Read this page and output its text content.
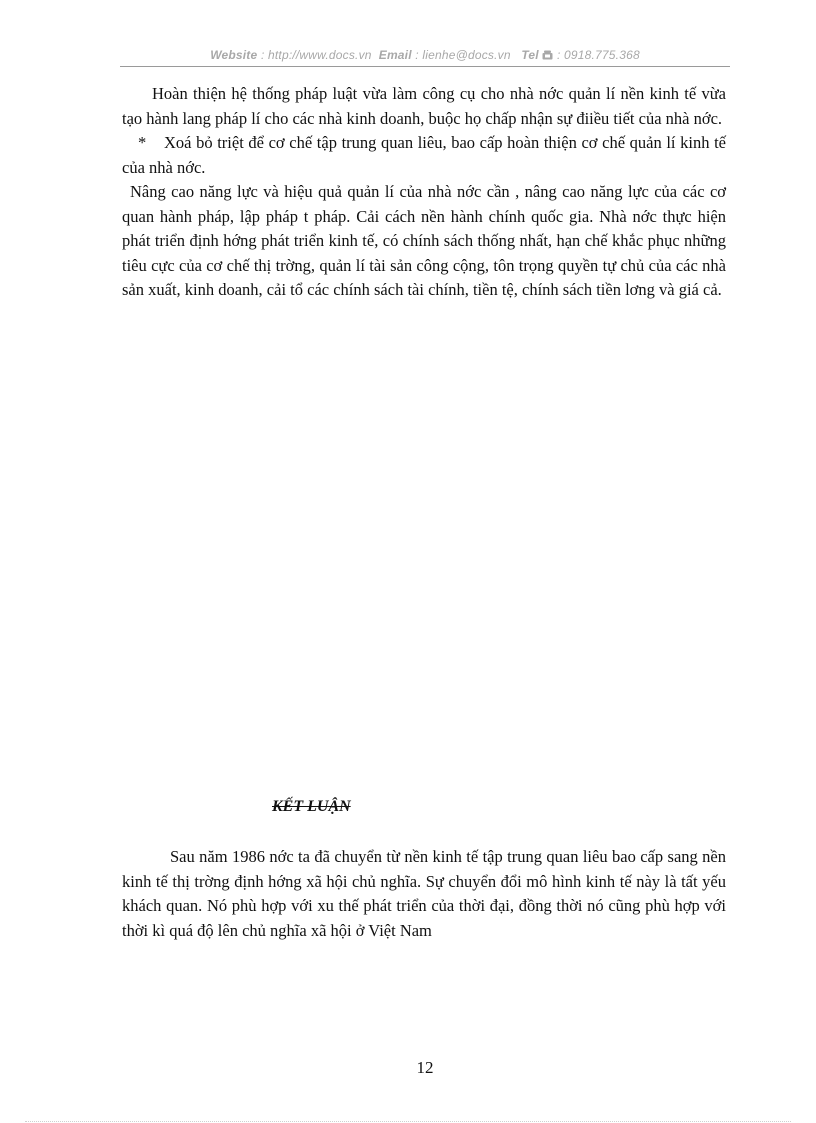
Website : http://www.docs.vn Email : lienhe@docs.vn Tel : 0918.775.368

Hoàn thiện hệ thống pháp luật vừa làm công cụ cho nhà nớc quản lí nền kinh tế vừa tạo hành lang pháp lí cho các nhà kinh doanh, buộc họ chấp nhận sự điiều tiết của nhà nớc.

* Xoá bỏ triệt để cơ chế tập trung quan liêu, bao cấp hoàn thiện cơ chế quản lí kinh tế của nhà nớc.

Nâng cao năng lực và hiệu quả quản lí của nhà nớc cần , nâng cao năng lực của các cơ quan hành pháp, lập pháp t pháp. Cải cách nền hành chính quốc gia. Nhà nớc thực hiện phát triển định hớng phát triển kinh tế, có chính sách thống nhất, hạn chế khắc phục những tiêu cực của cơ chế thị trờng, quản lí tài sản công cộng, tôn trọng quyền tự chủ của các nhà sản xuất, kinh doanh, cải tổ các chính sách tài chính, tiền tệ, chính sách tiền lơng và giá cả.

KẾT LUẬN

Sau năm 1986 nớc ta đã chuyển từ nền kinh tế tập trung quan liêu bao cấp sang nền kinh tế thị trờng định hớng xã hội chủ nghĩa. Sự chuyển đổi mô hình kinh tế này là tất yếu khách quan. Nó phù hợp với xu thế phát triển của thời đại, đồng thời nó cũng phù hợp với thời kì quá độ lên chủ nghĩa xã hội ở Việt Nam

12
